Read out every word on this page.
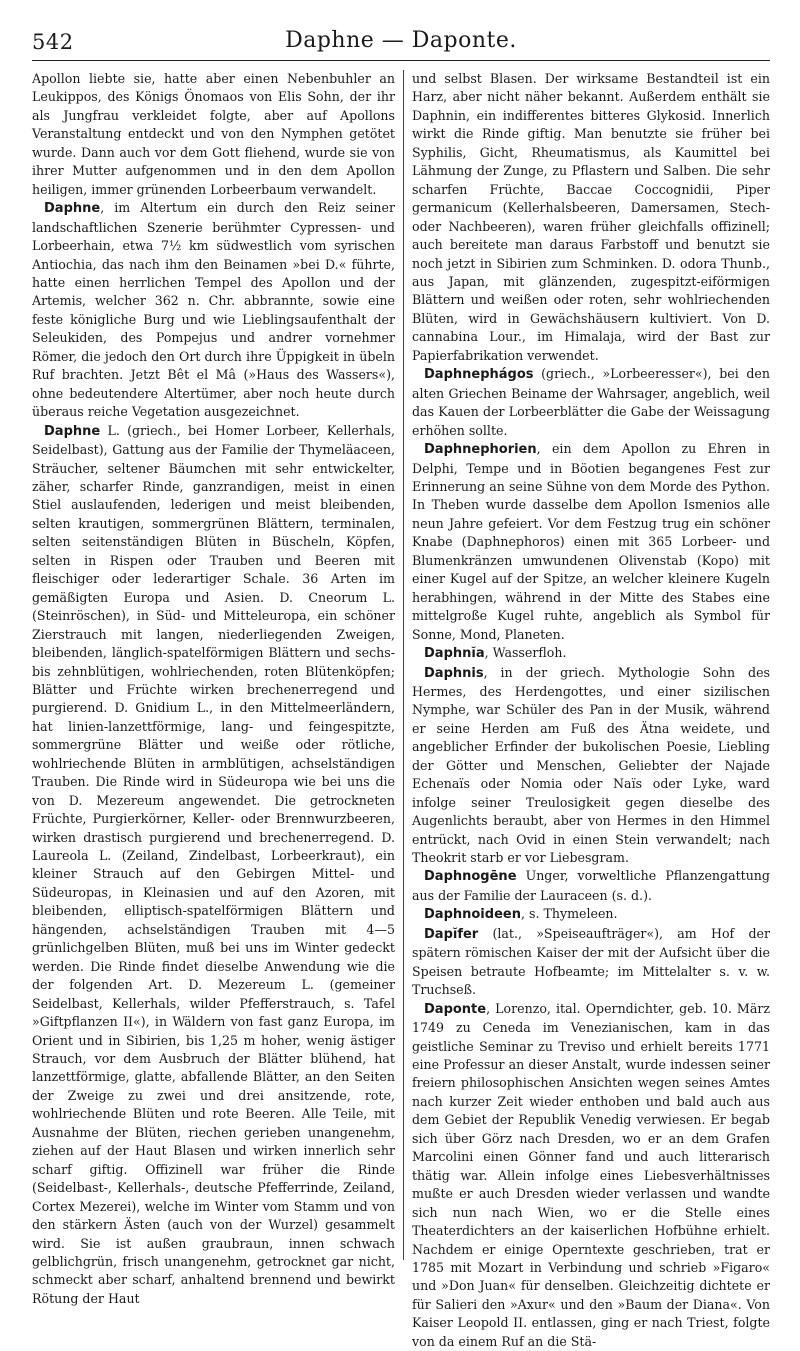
542	Daphne — Daponte.

Apollon liebte sie, hatte aber einen Nebenbuhler an Leukippos, des Königs Önomaos von Elis Sohn, der ihr als Jungfrau verkleidet folgte, aber auf Apollons Veranstaltung entdeckt und von den Nymphen getötet wurde. Dann auch vor dem Gott fliehend, wurde sie von ihrer Mutter aufgenommen und in den dem Apollon heiligen, immer grünenden Lorbeerbaum verwandelt.

Daphne, im Altertum ein durch den Reiz seiner landschaftlichen Szenerie berühmter Cypressen- und Lorbeerhain, etwa 7½ km südwestlich vom syrischen Antiochia, das nach ihm den Beinamen »bei D.« führte, hatte einen herrlichen Tempel des Apollon und der Artemis, welcher 362 n. Chr. abbrannte, sowie eine feste königliche Burg und wie Lieblingsaufenthalt der Seleukiden, des Pompejus und andrer vornehmer Römer, die jedoch den Ort durch ihre Üppigkeit in übeln Ruf brachten. Jetzt Bêt el Mâ (»Haus des Wassers«), ohne bedeutendere Altertümer, aber noch heute durch überaus reiche Vegetation ausgezeichnet.

Daphne L. (griech., bei Homer Lorbeer, Kellerhals, Seidelbast), Gattung aus der Familie der Thymeläaceen, Sträucher, seltener Bäumchen mit sehr entwickelter, zäher, scharfer Rinde, ganzrandigen, meist in einen Stiel auslaufenden, lederigen und meist bleibenden, selten krautigen, sommergrünen Blättern, terminalen, selten seitenständigen Blüten in Büscheln, Köpfen, selten in Rispen oder Trauben und Beeren mit fleischiger oder lederartiger Schale. 36 Arten im gemäßigten Europa und Asien. D. Cneorum L. (Steinröschen), in Süd- und Mitteleuropa, ein schöner Zierstrauch mit langen, niederliegenden Zweigen, bleibenden, länglich-spatelförmigen Blättern und sechs- bis zehnblütigen, wohlriechenden, roten Blütenköpfen; Blätter und Früchte wirken brechenerregend und purgierend. D. Gnidium L., in den Mittelmeerländern, hat linien-lanzettförmige, lang- und feingespitzte, sommergrüne Blätter und weiße oder rötliche, wohlriechende Blüten in armblütigen, achselständigen Trauben. Die Rinde wird in Südeuropa wie bei uns die von D. Mezereum angewendet. Die getrockneten Früchte, Purgierkörner, Keller- oder Brennwurzbeeren, wirken drastisch purgierend und brechenerregend. D. Laureola L. (Zeiland, Zindelbast, Lorbeerkraut), ein kleiner Strauch auf den Gebirgen Mittel- und Südeuropas, in Kleinasien und auf den Azoren, mit bleibenden, elliptisch-spatelförmigen Blättern und hängenden, achselständigen Trauben mit 4—5 grünlichgelben Blüten, muß bei uns im Winter gedeckt werden. Die Rinde findet dieselbe Anwendung wie die der folgenden Art. D. Mezereum L. (gemeiner Seidelbast, Kellerhals, wilder Pfefferstrauch, s. Tafel »Giftpflanzen II«), in Wäldern von fast ganz Europa, im Orient und in Sibirien, bis 1,25 m hoher, wenig ästiger Strauch, vor dem Ausbruch der Blätter blühend, hat lanzettförmige, glatte, abfallende Blätter, an den Seiten der Zweige zu zwei und drei ansitzende, rote, wohlriechende Blüten und rote Beeren. Alle Teile, mit Ausnahme der Blüten, riechen gerieben unangenehm, ziehen auf der Haut Blasen und wirken innerlich sehr scharf giftig. Offizinell war früher die Rinde (Seidelbast-, Kellerhals-, deutsche Pfefferrinde, Zeiland, Cortex Mezerei), welche im Winter vom Stamm und von den stärkern Ästen (auch von der Wurzel) gesammelt wird. Sie ist außen graubraun, innen schwach gelblichgrün, frisch unangenehm, getrocknet gar nicht, schmeckt aber scharf, anhaltend brennend und bewirkt Rötung der Haut

und selbst Blasen. Der wirksame Bestandteil ist ein Harz, aber nicht näher bekannt. Außerdem enthält sie Daphnin, ein indifferentes bitteres Glykosid. Innerlich wirkt die Rinde giftig. Man benutzte sie früher bei Syphilis, Gicht, Rheumatismus, als Kaumittel bei Lähmung der Zunge, zu Pflastern und Salben. Die sehr scharfen Früchte, Baccae Coccognidii, Piper germanicum (Kellerhalsbeeren, Damersamen, Stech- oder Nachbeeren), waren früher gleichfalls offizinell; auch bereitete man daraus Farbstoff und benutzt sie noch jetzt in Sibirien zum Schminken. D. odora Thunb., aus Japan, mit glänzenden, zugespitzt-eiförmigen Blättern und weißen oder roten, sehr wohlriechenden Blüten, wird in Gewächshäusern kultiviert. Von D. cannabina Lour., im Himalaja, wird der Bast zur Papierfabrikation verwendet.

Daphnephágos (griech., »Lorbeeresser«), bei den alten Griechen Beiname der Wahrsager, angeblich, weil das Kauen der Lorbeerblätter die Gabe der Weissagung erhöhen sollte.

Daphnephorien, ein dem Apollon zu Ehren in Delphi, Tempe und in Böotien begangenes Fest zur Erinnerung an seine Sühne von dem Morde des Python. In Theben wurde dasselbe dem Apollon Ismenios alle neun Jahre gefeiert. Vor dem Festzug trug ein schöner Knabe (Daphnephoros) einen mit 365 Lorbeer- und Blumenkränzen umwundenen Olivenstab (Kopo) mit einer Kugel auf der Spitze, an welcher kleinere Kugeln herabhingen, während in der Mitte des Stabes eine mittelgroße Kugel ruhte, angeblich als Symbol für Sonne, Mond, Planeten.

Daphnĭa, Wasserfloh.

Daphnis, in der griech. Mythologie Sohn des Hermes, des Herdengottes, und einer sizilischen Nymphe, war Schüler des Pan in der Musik, während er seine Herden am Fuß des Ätna weidete, und angeblicher Erfinder der bukolischen Poesie, Liebling der Götter und Menschen, Geliebter der Najade Echenaïs oder Nomia oder Naïs oder Lyke, ward infolge seiner Treulosigkeit gegen dieselbe des Augenlichts beraubt, aber von Hermes in den Himmel entrückt, nach Ovid in einen Stein verwandelt; nach Theokrit starb er vor Liebesgram.

Daphnogēne Unger, vorweltliche Pflanzengattung aus der Familie der Lauraceen (s. d.).

Daphnoideen, s. Thymeleen.

Dapĭfer (lat., »Speiseaufträger«), am Hof der spätern römischen Kaiser der mit der Aufsicht über die Speisen betraute Hofbeamte; im Mittelalter s. v. w. Truchseß.

Daponte, Lorenzo, ital. Operndichter, geb. 10. März 1749 zu Ceneda im Venezianischen, kam in das geistliche Seminar zu Treviso und erhielt bereits 1771 eine Professur an dieser Anstalt, wurde indessen seiner freiern philosophischen Ansichten wegen seines Amtes nach kurzer Zeit wieder enthoben und bald auch aus dem Gebiet der Republik Venedig verwiesen. Er begab sich über Görz nach Dresden, wo er an dem Grafen Marcolini einen Gönner fand und auch litterarisch thätig war. Allein infolge eines Liebesverhältnisses mußte er auch Dresden wieder verlassen und wandte sich nun nach Wien, wo er die Stelle eines Theaterdichters an der kaiserlichen Hofbühne erhielt. Nachdem er einige Operntexte geschrieben, trat er 1785 mit Mozart in Verbindung und schrieb »Figaro« und »Don Juan« für denselben. Gleichzeitig dichtete er für Salieri den »Axur« und den »Baum der Diana«. Von Kaiser Leopold II. entlassen, ging er nach Triest, folgte von da einem Ruf an die Stä-
